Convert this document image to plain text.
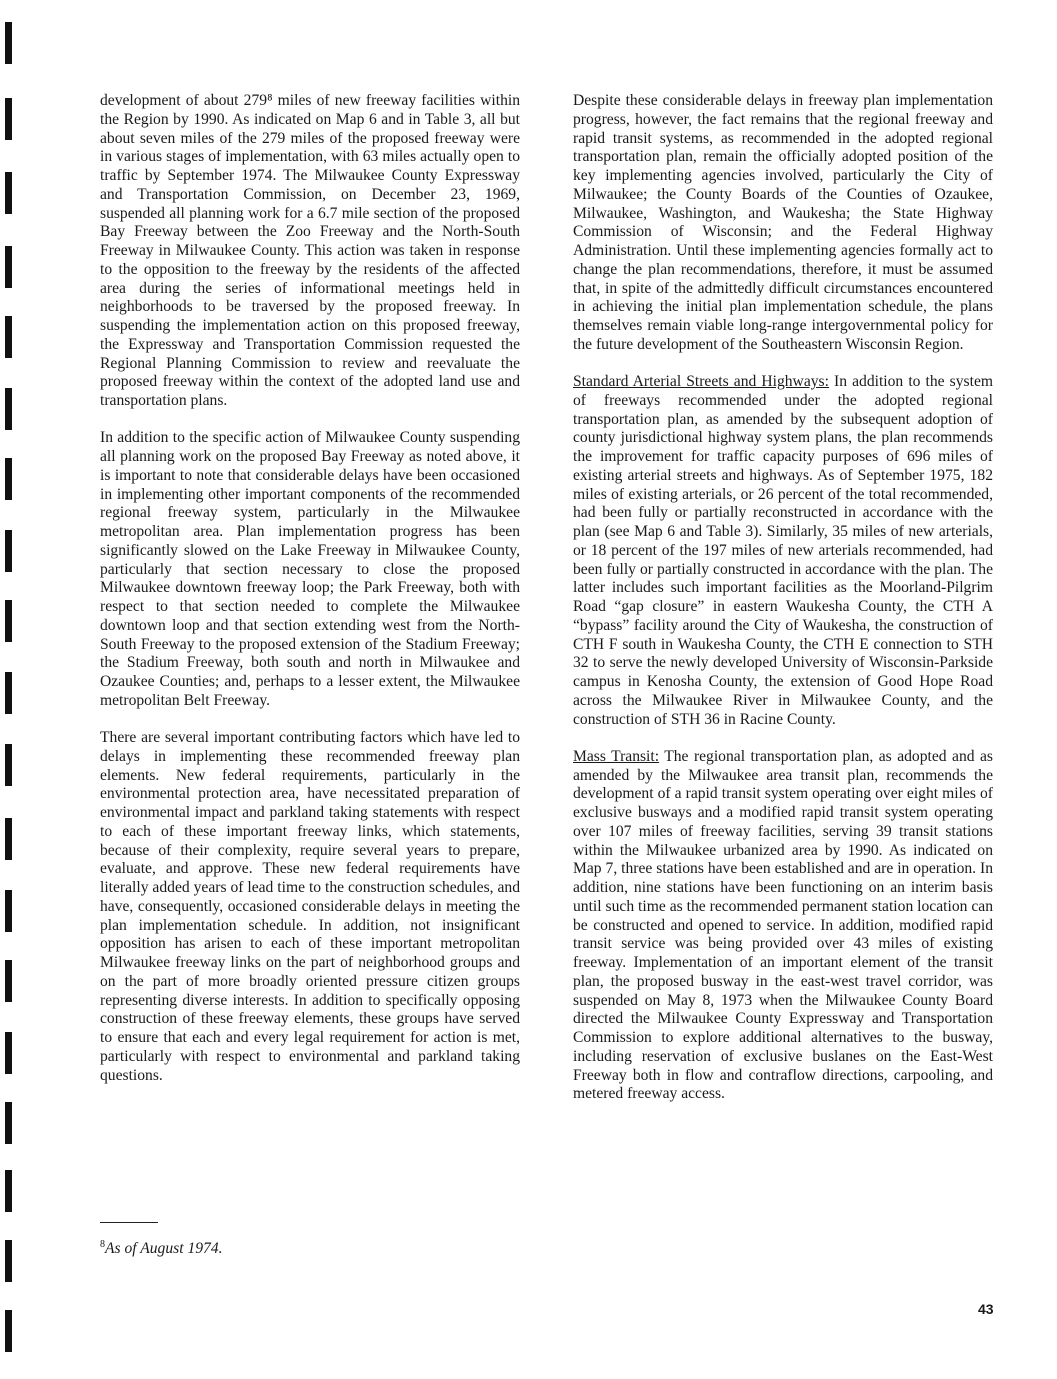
development of about 279⁸ miles of new freeway facilities within the Region by 1990. As indicated on Map 6 and in Table 3, all but about seven miles of the 279 miles of the proposed freeway were in various stages of implementation, with 63 miles actually open to traffic by September 1974. The Milwaukee County Expressway and Transportation Commission, on December 23, 1969, suspended all planning work for a 6.7 mile section of the proposed Bay Freeway between the Zoo Freeway and the North-South Freeway in Milwaukee County. This action was taken in response to the opposition to the freeway by the residents of the affected area during the series of informational meetings held in neighborhoods to be traversed by the proposed freeway. In suspending the implementation action on this proposed freeway, the Expressway and Transportation Commission requested the Regional Planning Commission to review and reevaluate the proposed freeway within the context of the adopted land use and transportation plans.

In addition to the specific action of Milwaukee County suspending all planning work on the proposed Bay Freeway as noted above, it is important to note that considerable delays have been occasioned in implementing other important components of the recommended regional freeway system, particularly in the Milwaukee metropolitan area. Plan implementation progress has been significantly slowed on the Lake Freeway in Milwaukee County, particularly that section necessary to close the proposed Milwaukee downtown freeway loop; the Park Freeway, both with respect to that section needed to complete the Milwaukee downtown loop and that section extending west from the North-South Freeway to the proposed extension of the Stadium Freeway; the Stadium Freeway, both south and north in Milwaukee and Ozaukee Counties; and, perhaps to a lesser extent, the Milwaukee metropolitan Belt Freeway.

There are several important contributing factors which have led to delays in implementing these recommended freeway plan elements. New federal requirements, particularly in the environmental protection area, have necessitated preparation of environmental impact and parkland taking statements with respect to each of these important freeway links, which statements, because of their complexity, require several years to prepare, evaluate, and approve. These new federal requirements have literally added years of lead time to the construction schedules, and have, consequently, occasioned considerable delays in meeting the plan implementation schedule. In addition, not insignificant opposition has arisen to each of these important metropolitan Milwaukee freeway links on the part of neighborhood groups and on the part of more broadly oriented pressure citizen groups representing diverse interests. In addition to specifically opposing construction of these freeway elements, these groups have served to ensure that each and every legal requirement for action is met, particularly with respect to environmental and parkland taking questions.

$^8$As of August 1974.

Despite these considerable delays in freeway plan implementation progress, however, the fact remains that the regional freeway and rapid transit systems, as recommended in the adopted regional transportation plan, remain the officially adopted position of the key implementing agencies involved, particularly the City of Milwaukee; the County Boards of the Counties of Ozaukee, Milwaukee, Washington, and Waukesha; the State Highway Commission of Wisconsin; and the Federal Highway Administration. Until these implementing agencies formally act to change the plan recommendations, therefore, it must be assumed that, in spite of the admittedly difficult circumstances encountered in achieving the initial plan implementation schedule, the plans themselves remain viable long-range intergovernmental policy for the future development of the Southeastern Wisconsin Region.

Standard Arterial Streets and Highways: In addition to the system of freeways recommended under the adopted regional transportation plan, as amended by the subsequent adoption of county jurisdictional highway system plans, the plan recommends the improvement for traffic capacity purposes of 696 miles of existing arterial streets and highways. As of September 1975, 182 miles of existing arterials, or 26 percent of the total recommended, had been fully or partially reconstructed in accordance with the plan (see Map 6 and Table 3). Similarly, 35 miles of new arterials, or 18 percent of the 197 miles of new arterials recommended, had been fully or partially constructed in accordance with the plan. The latter includes such important facilities as the Moorland-Pilgrim Road “gap closure” in eastern Waukesha County, the CTH A “bypass” facility around the City of Waukesha, the construction of CTH F south in Waukesha County, the CTH E connection to STH 32 to serve the newly developed University of Wisconsin-Parkside campus in Kenosha County, the extension of Good Hope Road across the Milwaukee River in Milwaukee County, and the construction of STH 36 in Racine County.

Mass Transit: The regional transportation plan, as adopted and as amended by the Milwaukee area transit plan, recommends the development of a rapid transit system operating over eight miles of exclusive busways and a modified rapid transit system operating over 107 miles of freeway facilities, serving 39 transit stations within the Milwaukee urbanized area by 1990. As indicated on Map 7, three stations have been established and are in operation. In addition, nine stations have been functioning on an interim basis until such time as the recommended permanent station location can be constructed and opened to service. In addition, modified rapid transit service was being provided over 43 miles of existing freeway. Implementation of an important element of the transit plan, the proposed busway in the east-west travel corridor, was suspended on May 8, 1973 when the Milwaukee County Board directed the Milwaukee County Expressway and Transportation Commission to explore additional alternatives to the busway, including reservation of exclusive buslanes on the East-West Freeway both in flow and contraflow directions, carpooling, and metered freeway access.

43
